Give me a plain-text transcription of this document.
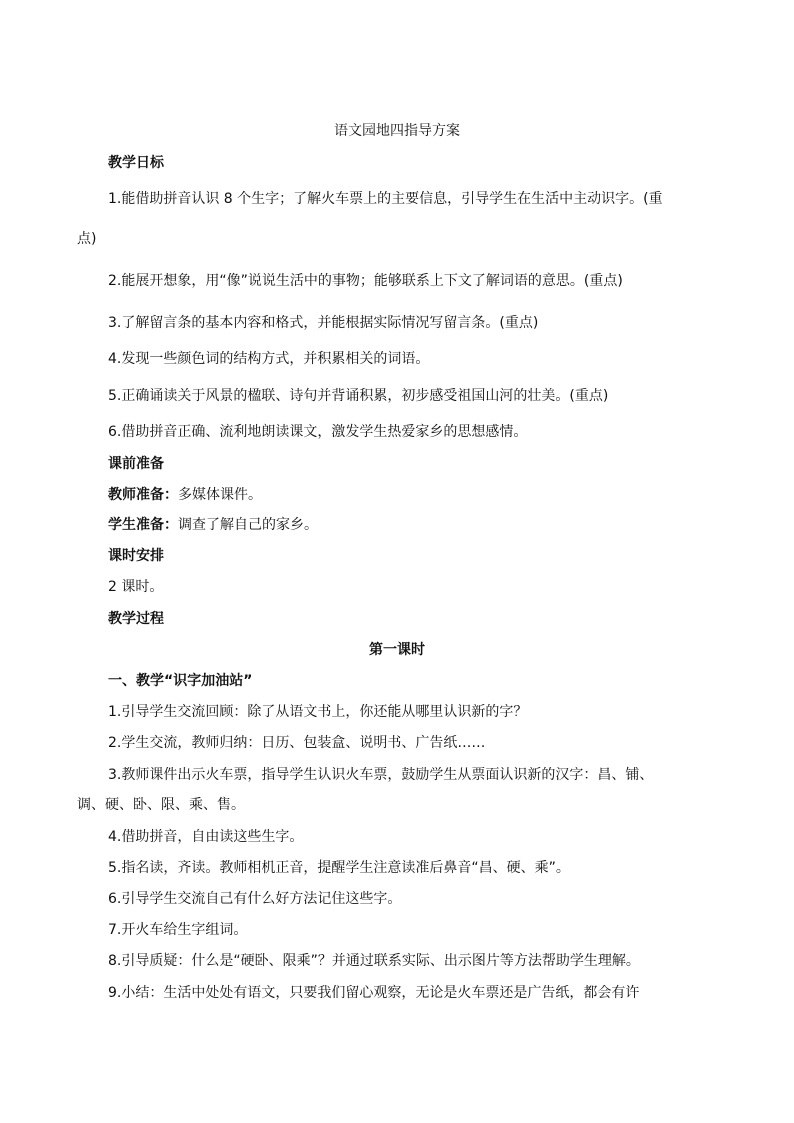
语文园地四指导方案
教学日标
1.能借助拼音认识 8 个生字；了解火车票上的主要信息，引导学生在生活中主动识字。(重
点)
2.能展开想象，用“像”说说生活中的事物；能够联系上下文了解词语的意思。(重点)
3.了解留言条的基本内容和格式，并能根据实际情况写留言条。(重点)
4.发现一些颜色词的结构方式，并积累相关的词语。
5.正确诵读关于风景的楹联、诗句并背诵积累，初步感受祖国山河的壮美。(重点)
6.借助拼音正确、流利地朗读课文，激发学生热爱家乡的思想感情。
课前准备
教师准备：多媒体课件。
学生准备：调查了解自己的家乡。
课时安排
2 课时。
教学过程
第一课时
一、教学“识字加油站”
1.引导学生交流回顾：除了从语文书上，你还能从哪里认识新的字？
2.学生交流，教师归纳：日历、包装盒、说明书、广告纸……
3.教师课件出示火车票，指导学生认识火车票，鼓励学生从票面认识新的汉字：昌、铺、
调、硬、卧、限、乘、售。
4.借助拼音，自由读这些生字。
5.指名读，齐读。教师相机正音，提醒学生注意读准后鼻音“昌、硬、乘”。
6.引导学生交流自己有什么好方法记住这些字。
7.开火车给生字组词。
8.引导质疑：什么是“硬卧、限乘”？并通过联系实际、出示图片等方法帮助学生理解。
9.小结：生活中处处有语文，只要我们留心观察，无论是火车票还是广告纸，都会有许
